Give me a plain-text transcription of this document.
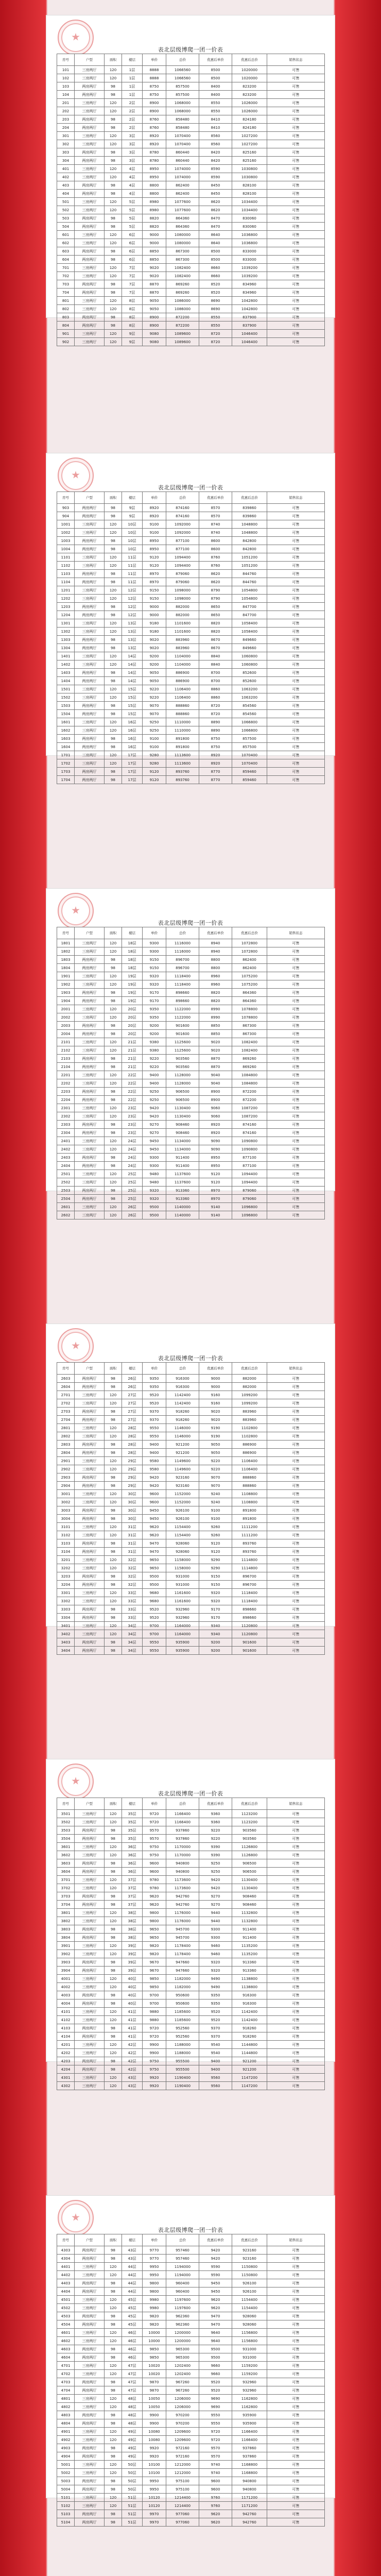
表北层级博爬一团一价表
房号	户型	面积	楼层	单价	总价	优惠后单价	优惠后总价	销售状态
101	三房两厅	120	1层	8888	1066560	8500	1020000	可售
102	三房两厅	120	1层	8888	1066560	8500	1020000	可售
103	两房两厅	98	1层	8750	857500	8400	823200	可售
104	两房两厅	98	1层	8750	857500	8400	823200	可售
201	三房两厅	120	2层	8900	1068000	8550	1026000	可售
202	三房两厅	120	2层	8900	1068000	8550	1026000	可售
203	两房两厅	98	2层	8760	858480	8410	824180	可售
204	两房两厅	98	2层	8760	858480	8410	824180	可售
301	三房两厅	120	3层	8920	1070400	8560	1027200	可售
302	三房两厅	120	3层	8920	1070400	8560	1027200	可售
303	两房两厅	98	3层	8780	860440	8420	825160	可售
304	两房两厅	98	3层	8780	860440	8420	825160	可售
401	三房两厅	120	4层	8950	1074000	8590	1030800	可售
402	三房两厅	120	4层	8950	1074000	8590	1030800	可售
403	两房两厅	98	4层	8800	862400	8450	828100	可售
404	两房两厅	98	4层	8800	862400	8450	828100	可售
501	三房两厅	120	5层	8980	1077600	8620	1034400	可售
502	三房两厅	120	5层	8980	1077600	8620	1034400	可售
503	两房两厅	98	5层	8820	864360	8470	830060	可售
504	两房两厅	98	5层	8820	864360	8470	830060	可售
601	三房两厅	120	6层	9000	1080000	8640	1036800	可售
602	三房两厅	120	6层	9000	1080000	8640	1036800	可售
603	两房两厅	98	6层	8850	867300	8500	833000	可售
604	两房两厅	98	6层	8850	867300	8500	833000	可售
701	三房两厅	120	7层	9020	1082400	8660	1039200	可售
702	三房两厅	120	7层	9020	1082400	8660	1039200	可售
703	两房两厅	98	7层	8870	869260	8520	834960	可售
704	两房两厅	98	7层	8870	869260	8520	834960	可售
801	三房两厅	120	8层	9050	1086000	8690	1042800	可售
802	三房两厅	120	8层	9050	1086000	8690	1042800	可售
803	两房两厅	98	8层	8900	872200	8550	837900	可售
804	两房两厅	98	8层	8900	872200	8550	837900	可售
901	三房两厅	120	9层	9080	1089600	8720	1046400	可售
902	三房两厅	120	9层	9080	1089600	8720	1046400	可售
表北层级博爬一团一价表
房号	户型	面积	楼层	单价	总价	优惠后单价	优惠后总价	销售状态
903	两房两厅	98	9层	8920	874160	8570	839860	可售
904	两房两厅	98	9层	8920	874160	8570	839860	可售
1001	三房两厅	120	10层	9100	1092000	8740	1048800	可售
1002	三房两厅	120	10层	9100	1092000	8740	1048800	可售
1003	两房两厅	98	10层	8950	877100	8600	842800	可售
1004	两房两厅	98	10层	8950	877100	8600	842800	可售
1101	三房两厅	120	11层	9120	1094400	8760	1051200	可售
1102	三房两厅	120	11层	9120	1094400	8760	1051200	可售
1103	两房两厅	98	11层	8970	879060	8620	844760	可售
1104	两房两厅	98	11层	8970	879060	8620	844760	可售
1201	三房两厅	120	12层	9150	1098000	8790	1054800	可售
1202	三房两厅	120	12层	9150	1098000	8790	1054800	可售
1203	两房两厅	98	12层	9000	882000	8650	847700	可售
1204	两房两厅	98	12层	9000	882000	8650	847700	可售
1301	三房两厅	120	13层	9180	1101600	8820	1058400	可售
1302	三房两厅	120	13层	9180	1101600	8820	1058400	可售
1303	两房两厅	98	13层	9020	883960	8670	849660	可售
1304	两房两厅	98	13层	9020	883960	8670	849660	可售
1401	三房两厅	120	14层	9200	1104000	8840	1060800	可售
1402	三房两厅	120	14层	9200	1104000	8840	1060800	可售
1403	两房两厅	98	14层	9050	886900	8700	852600	可售
1404	两房两厅	98	14层	9050	886900	8700	852600	可售
1501	三房两厅	120	15层	9220	1106400	8860	1063200	可售
1502	三房两厅	120	15层	9220	1106400	8860	1063200	可售
1503	两房两厅	98	15层	9070	888860	8720	854560	可售
1504	两房两厅	98	15层	9070	888860	8720	854560	可售
1601	三房两厅	120	16层	9250	1110000	8890	1066800	可售
1602	三房两厅	120	16层	9250	1110000	8890	1066800	可售
1603	两房两厅	98	16层	9100	891800	8750	857500	可售
1604	两房两厅	98	16层	9100	891800	8750	857500	可售
1701	三房两厅	120	17层	9280	1113600	8920	1070400	可售
1702	三房两厅	120	17层	9280	1113600	8920	1070400	可售
1703	两房两厅	98	17层	9120	893760	8770	859460	可售
1704	两房两厅	98	17层	9120	893760	8770	859460	可售
表北层级博爬一团一价表
房号	户型	面积	楼层	单价	总价	优惠后单价	优惠后总价	销售状态
1801	三房两厅	120	18层	9300	1116000	8940	1072800	可售
1802	三房两厅	120	18层	9300	1116000	8940	1072800	可售
1803	两房两厅	98	18层	9150	896700	8800	862400	可售
1804	两房两厅	98	18层	9150	896700	8800	862400	可售
1901	三房两厅	120	19层	9320	1118400	8960	1075200	可售
1902	三房两厅	120	19层	9320	1118400	8960	1075200	可售
1903	两房两厅	98	19层	9170	898660	8820	864360	可售
1904	两房两厅	98	19层	9170	898660	8820	864360	可售
2001	三房两厅	120	20层	9350	1122000	8990	1078800	可售
2002	三房两厅	120	20层	9350	1122000	8990	1078800	可售
2003	两房两厅	98	20层	9200	901600	8850	867300	可售
2004	两房两厅	98	20层	9200	901600	8850	867300	可售
2101	三房两厅	120	21层	9380	1125600	9020	1082400	可售
2102	三房两厅	120	21层	9380	1125600	9020	1082400	可售
2103	两房两厅	98	21层	9220	903560	8870	869260	可售
2104	两房两厅	98	21层	9220	903560	8870	869260	可售
2201	三房两厅	120	22层	9400	1128000	9040	1084800	可售
2202	三房两厅	120	22层	9400	1128000	9040	1084800	可售
2203	两房两厅	98	22层	9250	906500	8900	872200	可售
2204	两房两厅	98	22层	9250	906500	8900	872200	可售
2301	三房两厅	120	23层	9420	1130400	9060	1087200	可售
2302	三房两厅	120	23层	9420	1130400	9060	1087200	可售
2303	两房两厅	98	23层	9270	908460	8920	874160	可售
2304	两房两厅	98	23层	9270	908460	8920	874160	可售
2401	三房两厅	120	24层	9450	1134000	9090	1090800	可售
2402	三房两厅	120	24层	9450	1134000	9090	1090800	可售
2403	两房两厅	98	24层	9300	911400	8950	877100	可售
2404	两房两厅	98	24层	9300	911400	8950	877100	可售
2501	三房两厅	120	25层	9480	1137600	9120	1094400	可售
2502	三房两厅	120	25层	9480	1137600	9120	1094400	可售
2503	两房两厅	98	25层	9320	913360	8970	879060	可售
2504	两房两厅	98	25层	9320	913360	8970	879060	可售
2601	三房两厅	120	26层	9500	1140000	9140	1096800	可售
2602	三房两厅	120	26层	9500	1140000	9140	1096800	可售
表北层级博爬一团一价表
房号	户型	面积	楼层	单价	总价	优惠后单价	优惠后总价	销售状态
2603	两房两厅	98	26层	9350	916300	9000	882000	可售
2604	两房两厅	98	26层	9350	916300	9000	882000	可售
2701	三房两厅	120	27层	9520	1142400	9160	1099200	可售
2702	三房两厅	120	27层	9520	1142400	9160	1099200	可售
2703	两房两厅	98	27层	9370	918260	9020	883960	可售
2704	两房两厅	98	27层	9370	918260	9020	883960	可售
2801	三房两厅	120	28层	9550	1146000	9190	1102800	可售
2802	三房两厅	120	28层	9550	1146000	9190	1102800	可售
2803	两房两厅	98	28层	9400	921200	9050	886900	可售
2804	两房两厅	98	28层	9400	921200	9050	886900	可售
2901	三房两厅	120	29层	9580	1149600	9220	1106400	可售
2902	三房两厅	120	29层	9580	1149600	9220	1106400	可售
2903	两房两厅	98	29层	9420	923160	9070	888860	可售
2904	两房两厅	98	29层	9420	923160	9070	888860	可售
3001	三房两厅	120	30层	9600	1152000	9240	1108800	可售
3002	三房两厅	120	30层	9600	1152000	9240	1108800	可售
3003	两房两厅	98	30层	9450	926100	9100	891800	可售
3004	两房两厅	98	30层	9450	926100	9100	891800	可售
3101	三房两厅	120	31层	9620	1154400	9260	1111200	可售
3102	三房两厅	120	31层	9620	1154400	9260	1111200	可售
3103	两房两厅	98	31层	9470	928060	9120	893760	可售
3104	两房两厅	98	31层	9470	928060	9120	893760	可售
3201	三房两厅	120	32层	9650	1158000	9290	1114800	可售
3202	三房两厅	120	32层	9650	1158000	9290	1114800	可售
3203	两房两厅	98	32层	9500	931000	9150	896700	可售
3204	两房两厅	98	32层	9500	931000	9150	896700	可售
3301	三房两厅	120	33层	9680	1161600	9320	1118400	可售
3302	三房两厅	120	33层	9680	1161600	9320	1118400	可售
3303	两房两厅	98	33层	9520	932960	9170	898660	可售
3304	两房两厅	98	33层	9520	932960	9170	898660	可售
3401	三房两厅	120	34层	9700	1164000	9340	1120800	可售
3402	三房两厅	120	34层	9700	1164000	9340	1120800	可售
3403	两房两厅	98	34层	9550	935900	9200	901600	可售
3404	两房两厅	98	34层	9550	935900	9200	901600	可售
表北层级博爬一团一价表
房号	户型	面积	楼层	单价	总价	优惠后单价	优惠后总价	销售状态
3501	三房两厅	120	35层	9720	1166400	9360	1123200	可售
3502	三房两厅	120	35层	9720	1166400	9360	1123200	可售
3503	两房两厅	98	35层	9570	937860	9220	903560	可售
3504	两房两厅	98	35层	9570	937860	9220	903560	可售
3601	三房两厅	120	36层	9750	1170000	9390	1126800	可售
3602	三房两厅	120	36层	9750	1170000	9390	1126800	可售
3603	两房两厅	98	36层	9600	940800	9250	906500	可售
3604	两房两厅	98	36层	9600	940800	9250	906500	可售
3701	三房两厅	120	37层	9780	1173600	9420	1130400	可售
3702	三房两厅	120	37层	9780	1173600	9420	1130400	可售
3703	两房两厅	98	37层	9620	942760	9270	908460	可售
3704	两房两厅	98	37层	9620	942760	9270	908460	可售
3801	三房两厅	120	38层	9800	1176000	9440	1132800	可售
3802	三房两厅	120	38层	9800	1176000	9440	1132800	可售
3803	两房两厅	98	38层	9650	945700	9300	911400	可售
3804	两房两厅	98	38层	9650	945700	9300	911400	可售
3901	三房两厅	120	39层	9820	1178400	9460	1135200	可售
3902	三房两厅	120	39层	9820	1178400	9460	1135200	可售
3903	两房两厅	98	39层	9670	947660	9320	913360	可售
3904	两房两厅	98	39层	9670	947660	9320	913360	可售
4001	三房两厅	120	40层	9850	1182000	9490	1138800	可售
4002	三房两厅	120	40层	9850	1182000	9490	1138800	可售
4003	两房两厅	98	40层	9700	950600	9350	916300	可售
4004	两房两厅	98	40层	9700	950600	9350	916300	可售
4101	三房两厅	120	41层	9880	1185600	9520	1142400	可售
4102	三房两厅	120	41层	9880	1185600	9520	1142400	可售
4103	两房两厅	98	41层	9720	952560	9370	918260	可售
4104	两房两厅	98	41层	9720	952560	9370	918260	可售
4201	三房两厅	120	42层	9900	1188000	9540	1144800	可售
4202	三房两厅	120	42层	9900	1188000	9540	1144800	可售
4203	两房两厅	98	42层	9750	955500	9400	921200	可售
4204	两房两厅	98	42层	9750	955500	9400	921200	可售
4301	三房两厅	120	43层	9920	1190400	9560	1147200	可售
4302	三房两厅	120	43层	9920	1190400	9560	1147200	可售
表北层级博爬一团一价表
房号	户型	面积	楼层	单价	总价	优惠后单价	优惠后总价	销售状态
4303	两房两厅	98	43层	9770	957460	9420	923160	可售
4304	两房两厅	98	43层	9770	957460	9420	923160	可售
4401	三房两厅	120	44层	9950	1194000	9590	1150800	可售
4402	三房两厅	120	44层	9950	1194000	9590	1150800	可售
4403	两房两厅	98	44层	9800	960400	9450	926100	可售
4404	两房两厅	98	44层	9800	960400	9450	926100	可售
4501	三房两厅	120	45层	9980	1197600	9620	1154400	可售
4502	三房两厅	120	45层	9980	1197600	9620	1154400	可售
4503	两房两厅	98	45层	9820	962360	9470	928060	可售
4504	两房两厅	98	45层	9820	962360	9470	928060	可售
4601	三房两厅	120	46层	10000	1200000	9640	1156800	可售
4602	三房两厅	120	46层	10000	1200000	9640	1156800	可售
4603	两房两厅	98	46层	9850	965300	9500	931000	可售
4604	两房两厅	98	46层	9850	965300	9500	931000	可售
4701	三房两厅	120	47层	10020	1202400	9660	1159200	可售
4702	三房两厅	120	47层	10020	1202400	9660	1159200	可售
4703	两房两厅	98	47层	9870	967260	9520	932960	可售
4704	两房两厅	98	47层	9870	967260	9520	932960	可售
4801	三房两厅	120	48层	10050	1206000	9690	1162800	可售
4802	三房两厅	120	48层	10050	1206000	9690	1162800	可售
4803	两房两厅	98	48层	9900	970200	9550	935900	可售
4804	两房两厅	98	48层	9900	970200	9550	935900	可售
4901	三房两厅	120	49层	10080	1209600	9720	1166400	可售
4902	三房两厅	120	49层	10080	1209600	9720	1166400	可售
4903	两房两厅	98	49层	9920	972160	9570	937860	可售
4904	两房两厅	98	49层	9920	972160	9570	937860	可售
5001	三房两厅	120	50层	10100	1212000	9740	1168800	可售
5002	三房两厅	120	50层	10100	1212000	9740	1168800	可售
5003	两房两厅	98	50层	9950	975100	9600	940800	可售
5004	两房两厅	98	50层	9950	975100	9600	940800	可售
5101	三房两厅	120	51层	10120	1214400	9760	1171200	可售
5102	三房两厅	120	51层	10120	1214400	9760	1171200	可售
5103	两房两厅	98	51层	9970	977060	9620	942760	可售
5104	两房两厅	98	51层	9970	977060	9620	942760	可售
